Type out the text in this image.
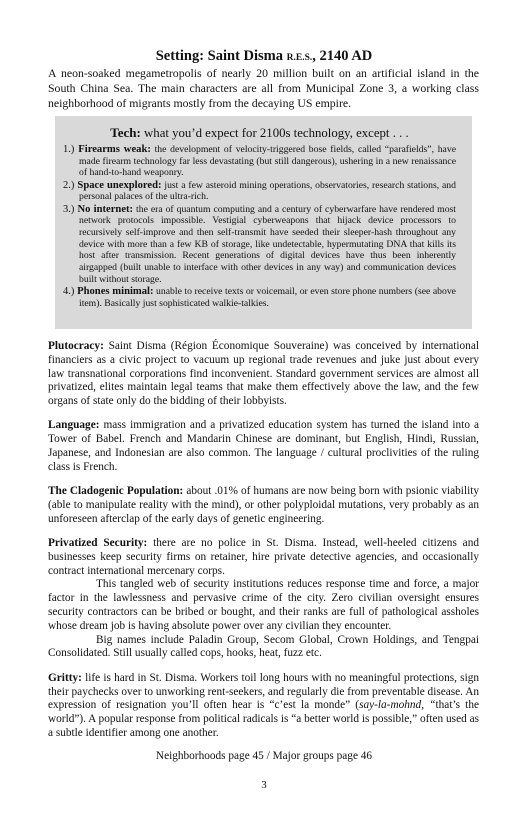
Setting: Saint Disma R.E.S., 2140 AD

A neon-soaked megametropolis of nearly 20 million built on an artificial island in the South China Sea. The main characters are all from Municipal Zone 3, a working class neighborhood of migrants mostly from the decaying US empire.

Tech: what you’d expect for 2100s technology, except . . .

1.) Firearms weak: the development of velocity-triggered bose fields, called “parafields”, have made firearm technology far less devastating (but still dangerous), ushering in a new renaissance of hand-to-hand weaponry.
2.) Space unexplored: just a few asteroid mining operations, observatories, research stations, and personal palaces of the ultra-rich.
3.) No internet: the era of quantum computing and a century of cyberwarfare have rendered most network protocols impossible. Vestigial cyberweapons that hijack device processors to recursively self-improve and then self-transmit have seeded their sleeper-hash throughout any device with more than a few KB of storage, like undetectable, hypermutating DNA that kills its host after transmission. Recent generations of digital devices have thus been inherently airgapped (built unable to interface with other devices in any way) and communication devices built without storage.
4.) Phones minimal: unable to receive texts or voicemail, or even store phone numbers (see above item). Basically just sophisticated walkie-talkies.

Plutocracy: Saint Disma (Région Économique Souveraine) was conceived by international financiers as a civic project to vacuum up regional trade revenues and juke just about every law transnational corporations find inconvenient. Standard government services are almost all privatized, elites maintain legal teams that make them effectively above the law, and the few organs of state only do the bidding of their lobbyists.

Language: mass immigration and a privatized education system has turned the island into a Tower of Babel. French and Mandarin Chinese are dominant, but English, Hindi, Russian, Japanese, and Indonesian are also common. The language / cultural proclivities of the ruling class is French.

The Cladogenic Population: about .01% of humans are now being born with psionic viability (able to manipulate reality with the mind), or other polyploidal mutations, very probably as an unforeseen afterclap of the early days of genetic engineering.

Privatized Security: there are no police in St. Disma. Instead, well-heeled citizens and businesses keep security firms on retainer, hire private detective agencies, and occasionally contract international mercenary corps.

This tangled web of security institutions reduces response time and force, a major factor in the lawlessness and pervasive crime of the city. Zero civilian oversight ensures security contractors can be bribed or bought, and their ranks are full of pathological assholes whose dream job is having absolute power over any civilian they encounter.

Big names include Paladin Group, Secom Global, Crown Holdings, and Tengpai Consolidated. Still usually called cops, hooks, heat, fuzz etc.

Gritty: life is hard in St. Disma. Workers toil long hours with no meaningful protections, sign their paychecks over to unworking rent-seekers, and regularly die from preventable disease. An expression of resignation you’ll often hear is “c’est la monde” (say-la-mohnd, “that’s the world”). A popular response from political radicals is “a better world is possible,” often used as a subtle identifier among one another.

Neighborhoods page 45 / Major groups page 46

3
